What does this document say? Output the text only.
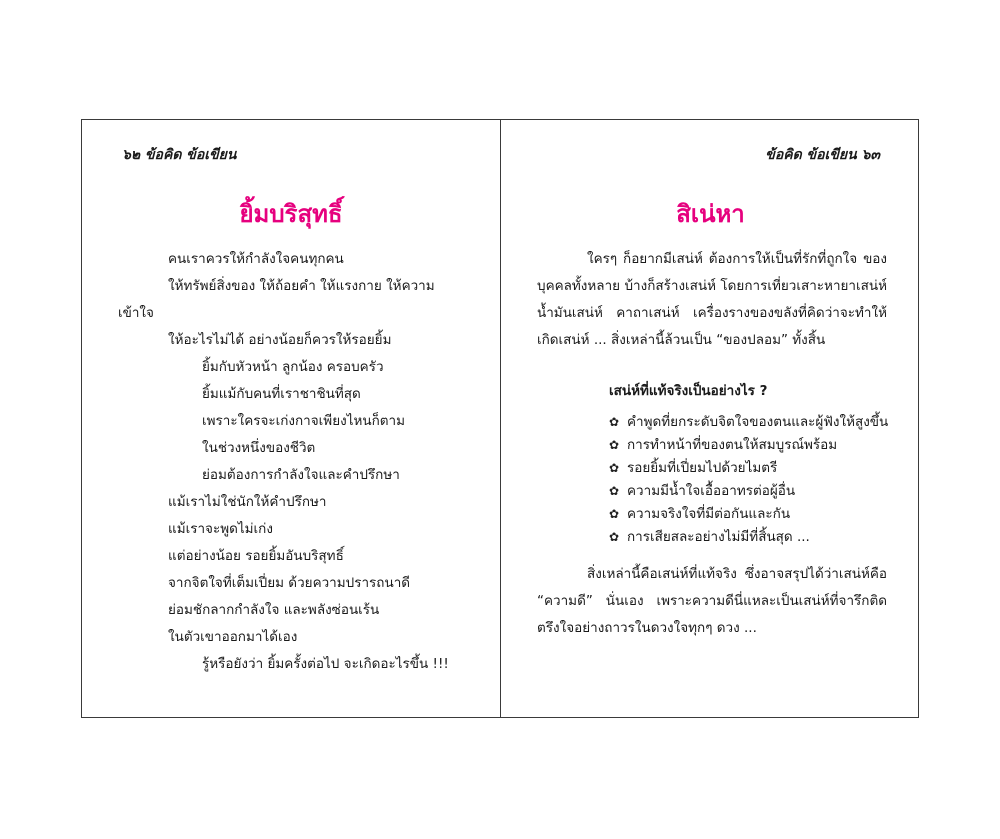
๖๒ ข้อคิด ข้อเขียน
ยิ้มบริสุทธิ์
คนเราควรให้กำลังใจคนทุกคน
ให้ทรัพย์สิ่งของ ให้ถ้อยคำ ให้แรงกาย ให้ความ
เข้าใจ
ให้อะไรไม่ได้ อย่างน้อยก็ควรให้รอยยิ้ม
ยิ้มกับหัวหน้า ลูกน้อง ครอบครัว
ยิ้มแม้กับคนที่เราชาชินที่สุด
เพราะใครจะเก่งกาจเพียงไหนก็ตาม
ในช่วงหนึ่งของชีวิต
ย่อมต้องการกำลังใจและคำปรึกษา
แม้เราไม่ใช่นักให้คำปรึกษา
แม้เราจะพูดไม่เก่ง
แต่อย่างน้อย รอยยิ้มอันบริสุทธิ์
จากจิตใจที่เต็มเปี่ยม ด้วยความปรารถนาดี
ย่อมชักลากกำลังใจ และพลังซ่อนเร้น
ในตัวเขาออกมาได้เอง
รู้หรือยังว่า ยิ้มครั้งต่อไป จะเกิดอะไรขึ้น !!!
ข้อคิด ข้อเขียน ๖๓
สิเน่หา

ใครๆ ก็อยากมีเสน่ห์ ต้องการให้เป็นที่รักที่ถูกใจ ของบุคคลทั้งหลาย บ้างก็สร้างเสน่ห์ โดยการเที่ยวเสาะหายาเสน่ห์ น้ำมันเสน่ห์ คาถาเสน่ห์ เครื่องรางของขลังที่คิดว่าจะทำให้เกิดเสน่ห์ ... สิ่งเหล่านี้ล้วนเป็น “ของปลอม” ทั้งสิ้น

เสน่ห์ที่แท้จริงเป็นอย่างไร ?
✿ คำพูดที่ยกระดับจิตใจของตนและผู้ฟังให้สูงขึ้น
✿ การทำหน้าที่ของตนให้สมบูรณ์พร้อม
✿ รอยยิ้มที่เปี่ยมไปด้วยไมตรี
✿ ความมีน้ำใจเอื้ออาทรต่อผู้อื่น
✿ ความจริงใจที่มีต่อกันและกัน
✿ การเสียสละอย่างไม่มีที่สิ้นสุด ...

สิ่งเหล่านี้คือเสน่ห์ที่แท้จริง ซึ่งอาจสรุปได้ว่าเสน่ห์คือ “ความดี” นั่นเอง เพราะความดีนี่แหละเป็นเสน่ห์ที่จารึกติดตรึงใจอย่างถาวรในดวงใจทุกๆ ดวง ...
